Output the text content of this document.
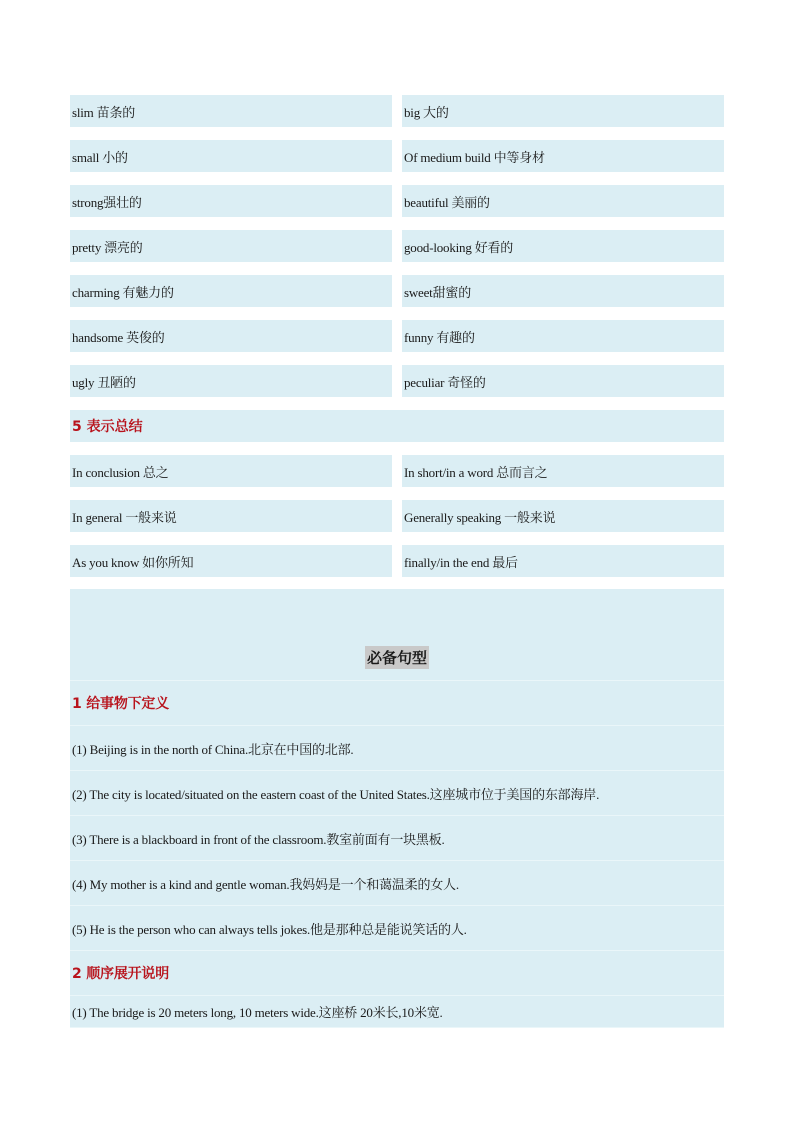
slim 苗条的	big 大的
small 小的	Of medium build 中等身材
strong强壮的	beautiful 美丽的
pretty 漂亮的	good-looking 好看的
charming 有魅力的	sweet甜蜜的
handsome 英俊的	funny 有趣的
ugly 丑陋的	peculiar 奇怪的
5 表示总结
In conclusion 总之	In short/in a word 总而言之
In general 一般来说	Generally speaking 一般来说
As you know 如你所知	finally/in the end 最后
必备句型
1 给事物下定义
(1) Beijing is in the north of China.北京在中国的北部.
(2) The city is located/situated on the eastern coast of the United States.这座城市位于美国的东部海岸.
(3) There is a blackboard in front of the classroom.教室前面有一块黑板.
(4) My mother is a kind and gentle woman.我妈妈是一个和蔼温柔的女人.
(5) He is the person who can always tells jokes.他是那种总是能说笑话的人.
2 顺序展开说明
(1) The bridge is 20 meters long, 10 meters wide.这座桥 20米长,10米宽.
